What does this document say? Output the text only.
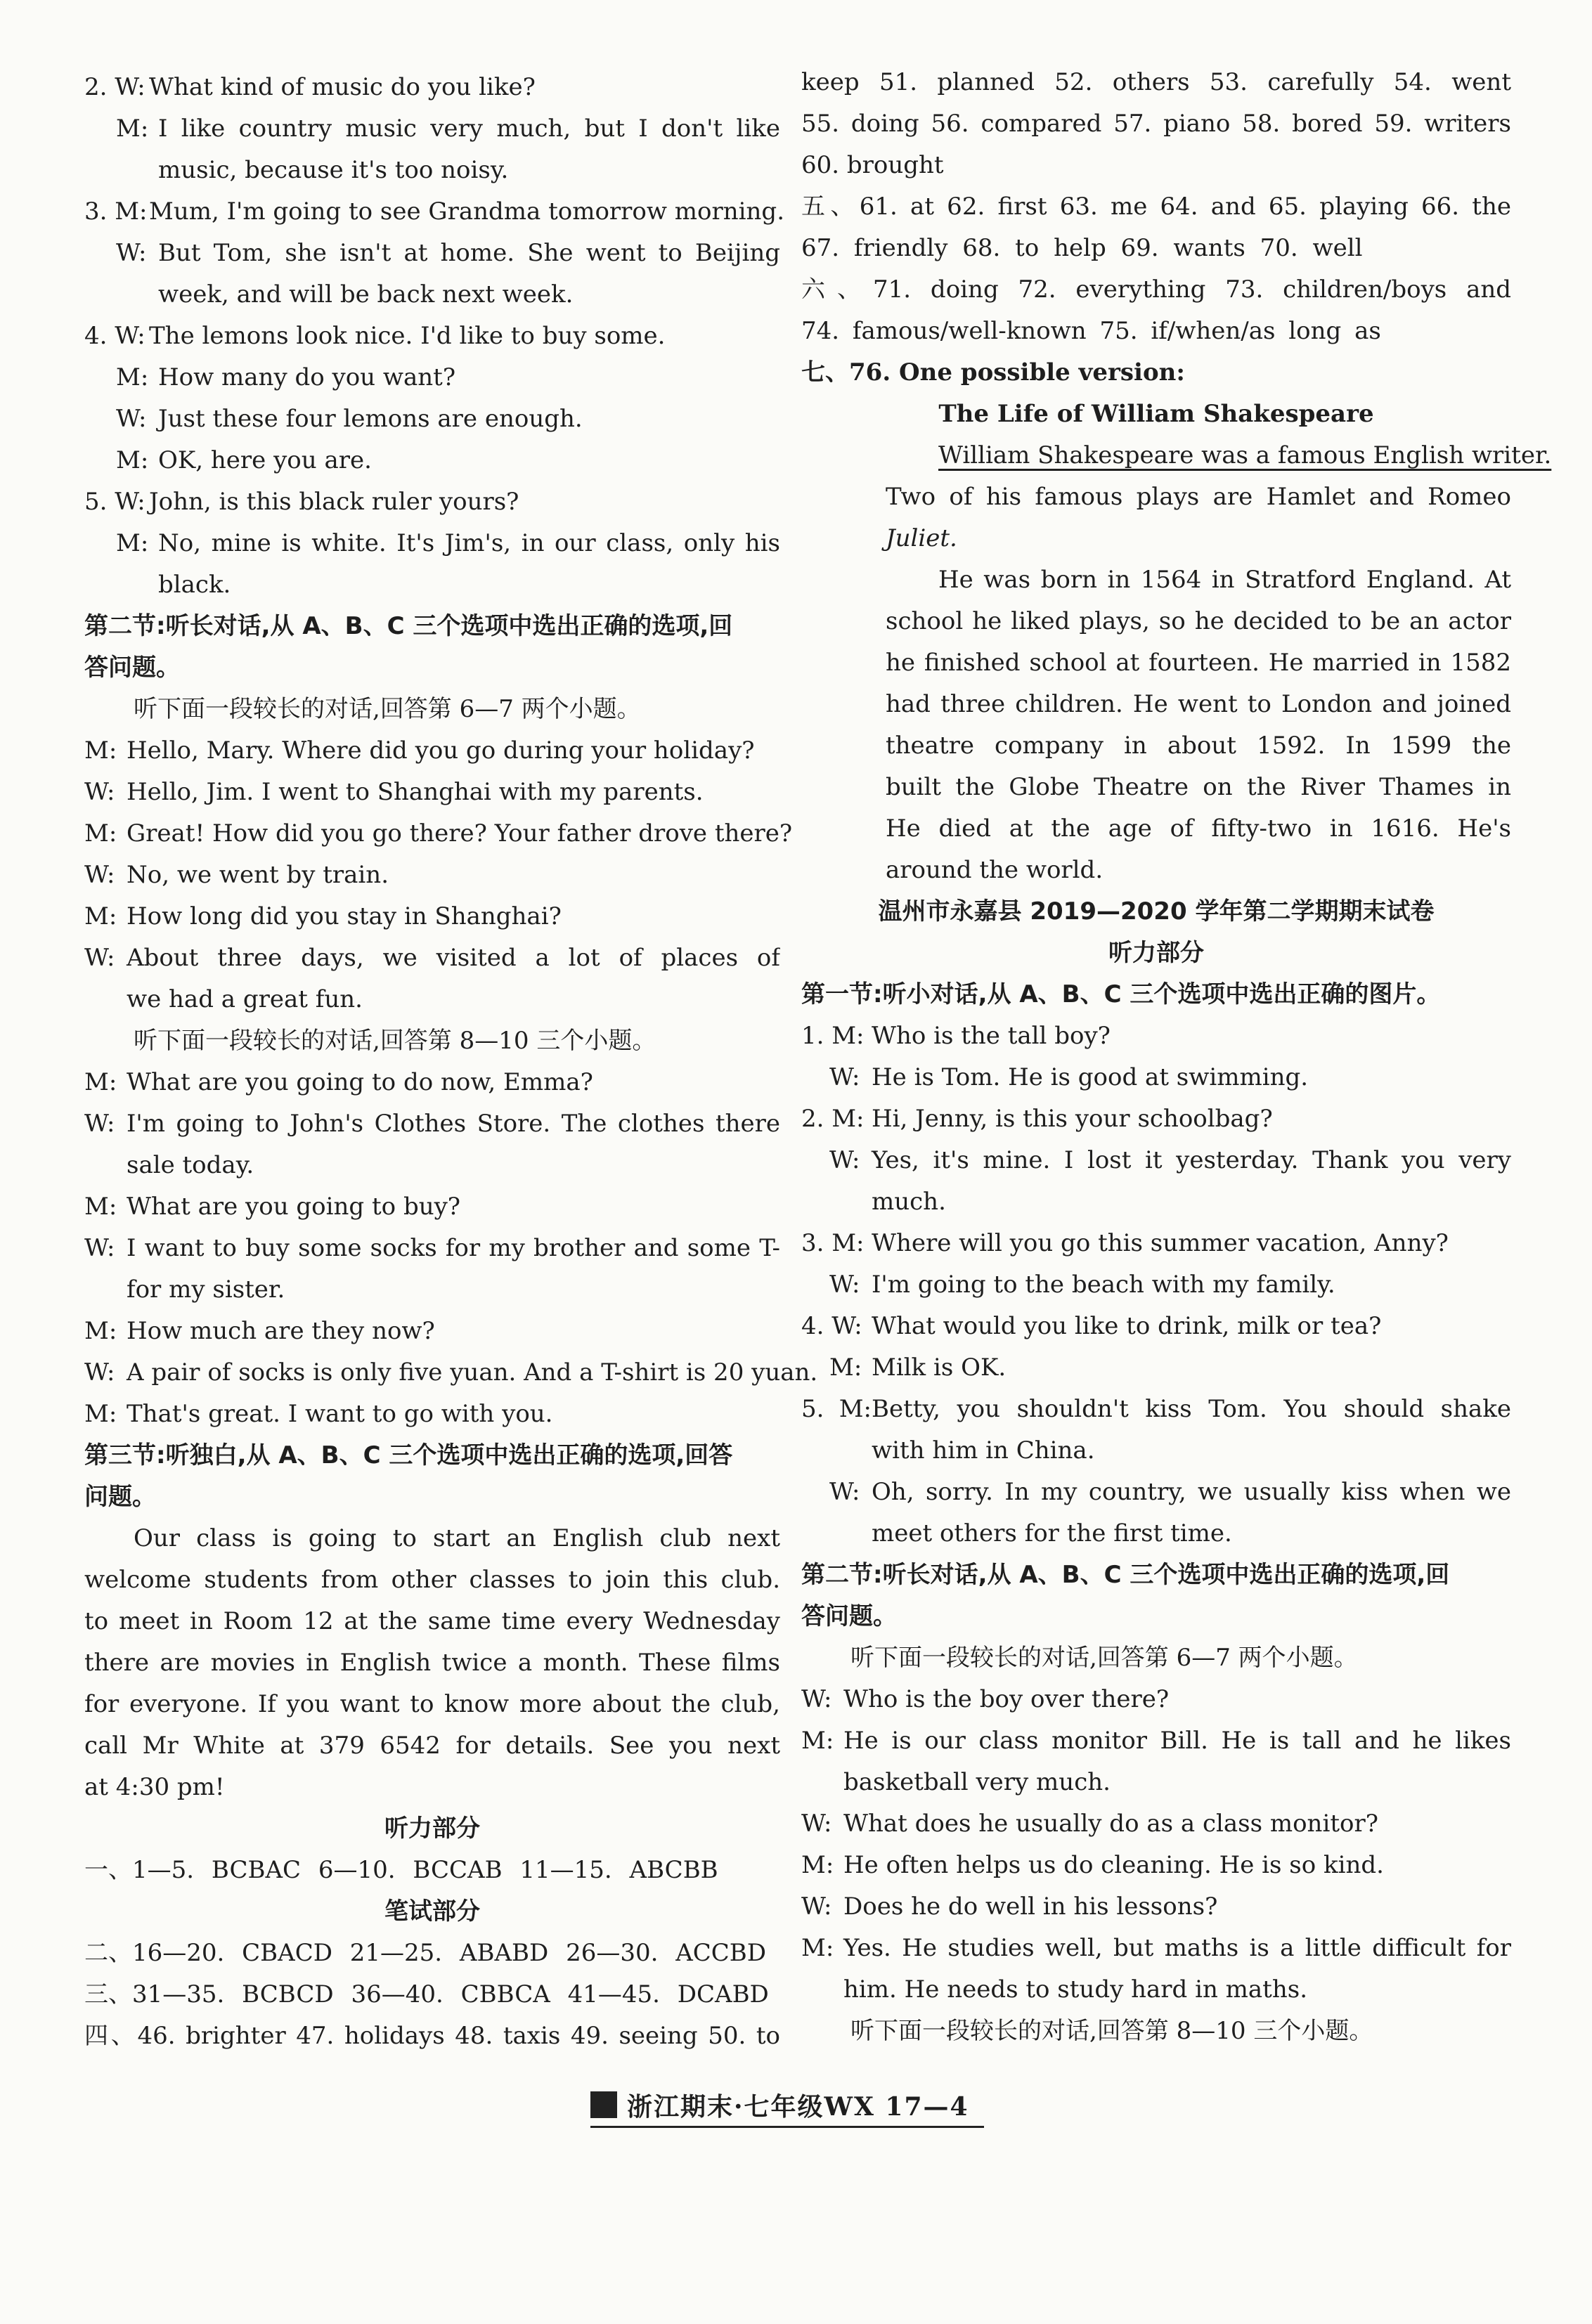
2. W: What kind of music do you like?
M: I like country music very much, but I don't like
music, because it's too noisy.
3. M: Mum, I'm going to see Grandma tomorrow morning.
W: But Tom, she isn't at home. She went to Beijing
week, and will be back next week.
4. W: The lemons look nice. I'd like to buy some.
M: How many do you want?
W: Just these four lemons are enough.
M: OK, here you are.
5. W: John, is this black ruler yours?
M: No, mine is white. It's Jim's, in our class, only his
black.
第二节:听长对话,从 A、B、C 三个选项中选出正确的选项,回
答问题。
听下面一段较长的对话,回答第 6—7 两个小题。
M: Hello, Mary. Where did you go during your holiday?
W: Hello, Jim. I went to Shanghai with my parents.
M: Great! How did you go there? Your father drove there?
W: No, we went by train.
M: How long did you stay in Shanghai?
W: About three days, we visited a lot of places of
we had a great fun.
听下面一段较长的对话,回答第 8—10 三个小题。
M: What are you going to do now, Emma?
W: I'm going to John's Clothes Store. The clothes there
sale today.
M: What are you going to buy?
W: I want to buy some socks for my brother and some T-
for my sister.
M: How much are they now?
W: A pair of socks is only five yuan. And a T-shirt is 20 yuan.
M: That's great. I want to go with you.
第三节:听独白,从 A、B、C 三个选项中选出正确的选项,回答
问题。
Our class is going to start an English club next
welcome students from other classes to join this club.
to meet in Room 12 at the same time every Wednesday
there are movies in English twice a month. These films
for everyone. If you want to know more about the club,
call Mr White at 379 6542 for details. See you next
at 4:30 pm!
听力部分
一、1—5. BCBAC 6—10. BCCAB 11—15. ABCBB
笔试部分
二、16—20. CBACD 21—25. ABABD 26—30. ACCBD
三、31—35. BCBCD 36—40. CBBCA 41—45. DCABD
四、46. brighter 47. holidays 48. taxis 49. seeing 50. to
keep 51. planned 52. others 53. carefully 54. went
55. doing 56. compared 57. piano 58. bored 59. writers
60. brought
五、61. at 62. first 63. me 64. and 65. playing 66. the
67. friendly 68. to help 69. wants 70. well
六、71. doing 72. everything 73. children/boys and
74. famous/well-known 75. if/when/as long as
七、76. One possible version:
The Life of William Shakespeare
William Shakespeare was a famous English writer.
Two of his famous plays are Hamlet and Romeo
Juliet.
He was born in 1564 in Stratford England. At
school he liked plays, so he decided to be an actor
he finished school at fourteen. He married in 1582
had three children. He went to London and joined
theatre company in about 1592. In 1599 the
built the Globe Theatre on the River Thames in
He died at the age of fifty-two in 1616. He's
around the world.
温州市永嘉县 2019—2020 学年第二学期期末试卷
听力部分
第一节:听小对话,从 A、B、C 三个选项中选出正确的图片。
1. M: Who is the tall boy?
W: He is Tom. He is good at swimming.
2. M: Hi, Jenny, is this your schoolbag?
W: Yes, it's mine. I lost it yesterday. Thank you very
much.
3. M: Where will you go this summer vacation, Anny?
W: I'm going to the beach with my family.
4. W: What would you like to drink, milk or tea?
M: Milk is OK.
5. M:Betty, you shouldn't kiss Tom. You should shake
with him in China.
W: Oh, sorry. In my country, we usually kiss when we
meet others for the first time.
第二节:听长对话,从 A、B、C 三个选项中选出正确的选项,回
答问题。
听下面一段较长的对话,回答第 6—7 两个小题。
W: Who is the boy over there?
M: He is our class monitor Bill. He is tall and he likes
basketball very much.
W: What does he usually do as a class monitor?
M: He often helps us do cleaning. He is so kind.
W: Does he do well in his lessons?
M: Yes. He studies well, but maths is a little difficult for
him. He needs to study hard in maths.
听下面一段较长的对话,回答第 8—10 三个小题。
浙江期末·七年级WX 17—4
